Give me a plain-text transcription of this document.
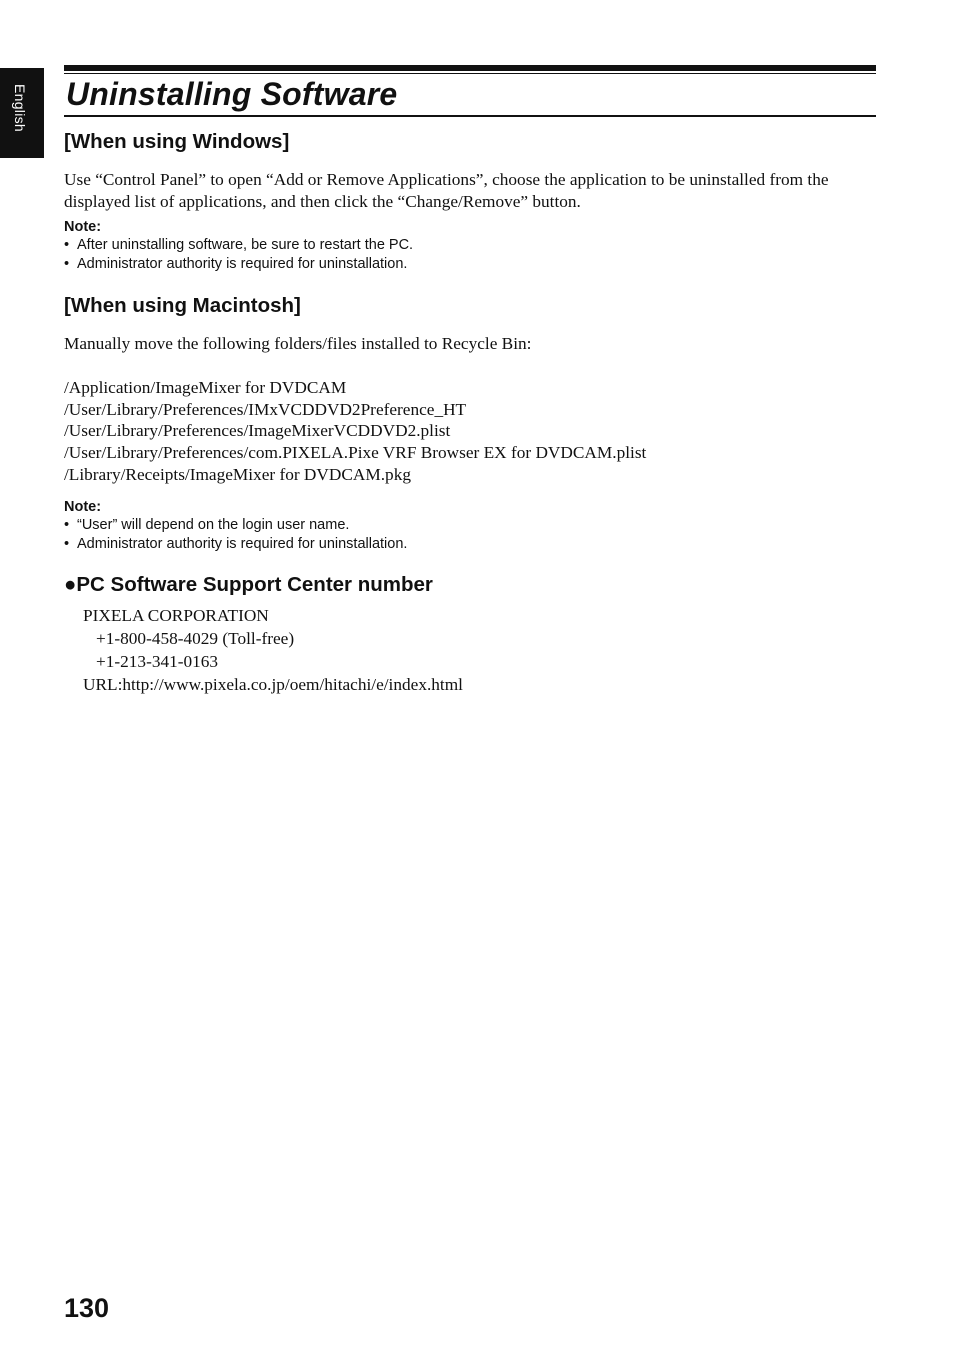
English Uninstalling Software
[When using Windows]

Use “Control Panel” to open “Add or Remove Applications”, choose the application to be uninstalled from the displayed list of applications, and then click the “Change/Remove” button.

Note:

• After uninstalling software, be sure to restart the PC.
• Administrator authority is required for uninstallation.
[When using Macintosh]

Manually move the following folders/files installed to Recycle Bin:

/Application/ImageMixer for DVDCAM
/User/Library/Preferences/IMxVCDDVD2Preference_HT
/User/Library/Preferences/ImageMixerVCDDVD2.plist
/User/Library/Preferences/com.PIXELA.Pixe VRF Browser EX for DVDCAM.plist
/Library/Receipts/ImageMixer for DVDCAM.pkg

Note:

• “User” will depend on the login user name.
• Administrator authority is required for uninstallation.
●PC Software Support Center number
PIXELA CORPORATION
+1-800-458-4029 (Toll-free)
+1-213-341-0163
URL:http://www.pixela.co.jp/oem/hitachi/e/index.html

130
